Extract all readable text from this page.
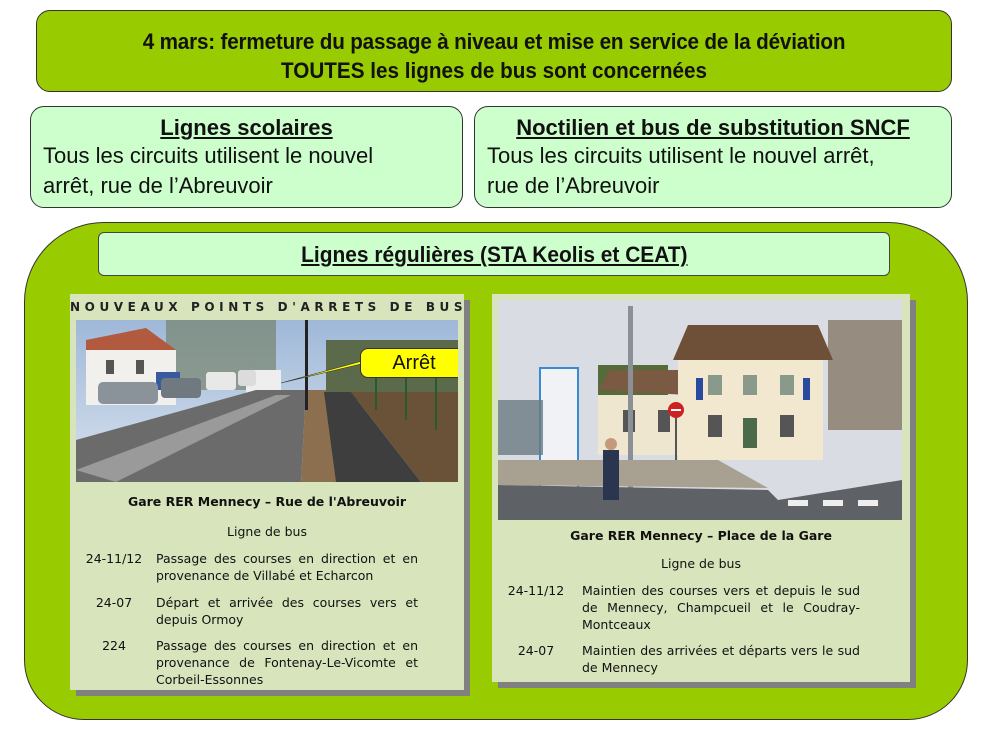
4 mars: fermeture du passage à niveau et mise en service de la déviation
TOUTES les lignes de bus sont concernées
Lignes scolaires
Tous les circuits utilisent le nouvel
arrêt, rue de l’Abreuvoir
Noctilien et bus de substitution SNCF
Tous les circuits utilisent le nouvel arrêt,
rue de l’Abreuvoir
Lignes régulières (STA Keolis et CEAT)
NOUVEAUX POINTS D'ARRETS DE BUS
Arrêt
Gare RER Mennecy – Rue de l'Abreuvoir
Ligne de bus
24-11/12	Passage des courses en direction et en provenance de Villabé et Echarcon
24-07	Départ et arrivée des courses vers et depuis Ormoy
224	Passage des courses en direction et en provenance de Fontenay-Le-Vicomte et Corbeil-Essonnes
Gare RER Mennecy – Place de la Gare
Ligne de bus
24-11/12	Maintien des courses vers et depuis le sud de Mennecy, Champcueil et le Coudray-Montceaux
24-07	Maintien des arrivées et départs vers le sud de Mennecy
